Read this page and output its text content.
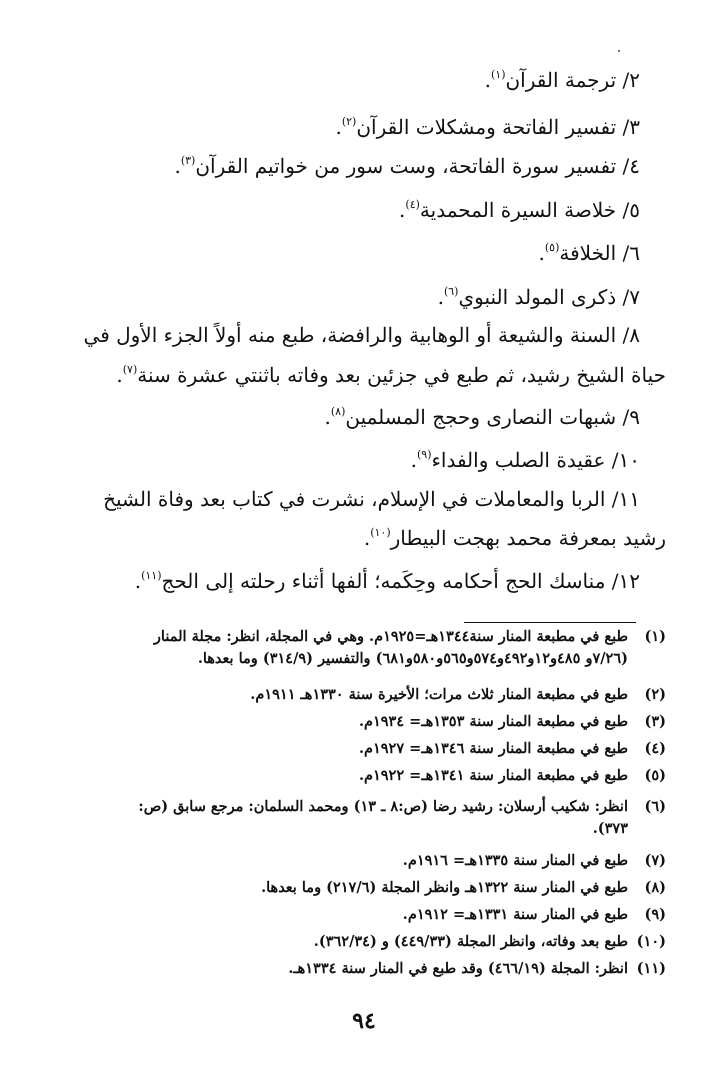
٢/ ترجمة القرآن$^{(١)}$.
٣/ تفسير الفاتحة ومشكلات القرآن$^{(٢)}$.
٤/ تفسير سورة الفاتحة، وست سور من خواتيم القرآن$^{(٣)}$.
٥/ خلاصة السيرة المحمدية$^{(٤)}$.
٦/ الخلافة$^{(٥)}$.
٧/ ذكرى المولد النبوي$^{(٦)}$.
٨/ السنة والشيعة أو الوهابية والرافضة، طبع منه أولاً الجزء الأول في
حياة الشيخ رشيد، ثم طبع في جزئين بعد وفاته باثنتي عشرة سنة$^{(٧)}$.
٩/ شبهات النصارى وحجج المسلمين$^{(٨)}$.
١٠/ عقيدة الصلب والفداء$^{(٩)}$.
١١/ الربا والمعاملات في الإسلام، نشرت في كتاب بعد وفاة الشيخ
رشيد بمعرفة محمد بهجت البيطار$^{(١٠)}$.
١٢/ مناسك الحج أحكامه وحِكَمه؛ ألفها أثناء رحلته إلى الحج$^{(١١)}$.
(١)طبع في مطبعة المنار سنة١٣٤٤هـ=١٩٢٥م. وهي في المجلة، انظر: مجلة المنار
(٧/٢٦و ٤٨٥و١٢و٤٩٢و٥٧٤و٥٦٥و٥٨٠و٦٨١) والتفسير (٣١٤/٩) وما بعدها.
(٢)طبع في مطبعة المنار ثلاث مرات؛ الأخيرة سنة ١٣٣٠هـ ١٩١١م.
(٣)طبع في مطبعة المنار سنة ١٣٥٣هـ= ١٩٣٤م.
(٤)طبع في مطبعة المنار سنة ١٣٤٦هـ= ١٩٢٧م.
(٥)طبع في مطبعة المنار سنة ١٣٤١هـ= ١٩٢٢م.
(٦)انظر: شكيب أرسلان: رشيد رضا (ص:٨ ـ ١٣) ومحمد السلمان: مرجع سابق (ص:
٣٧٣).
(٧)طبع في المنار سنة ١٣٣٥هـ= ١٩١٦م.
(٨)طبع في المنار سنة ١٣٢٢هـ وانظر المجلة (٢١٧/٦) وما بعدها.
(٩)طبع في المنار سنة ١٣٣١هـ= ١٩١٢م.
(١٠)طبع بعد وفاته، وانظر المجلة (٤٤٩/٣٣) و (٣٦٢/٣٤).
(١١)انظر: المجلة (٤٦٦/١٩) وقد طبع في المنار سنة ١٣٣٤هـ.
٩٤
